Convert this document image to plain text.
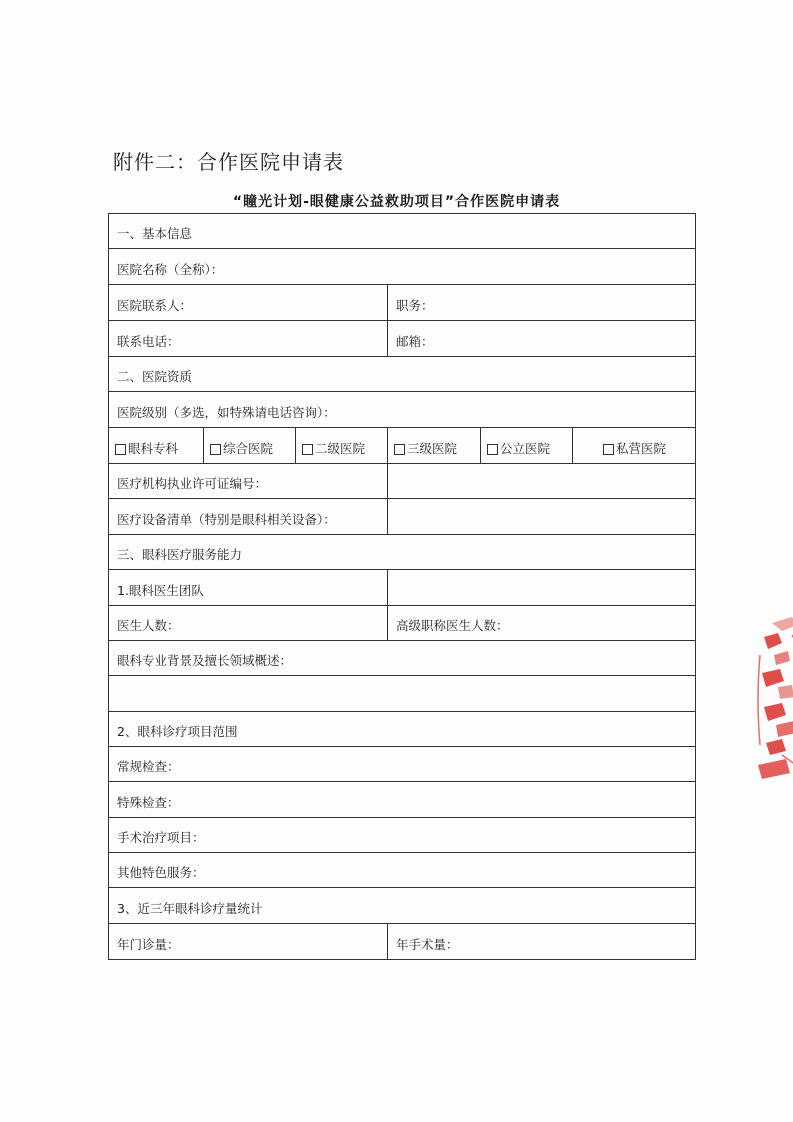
附件二：合作医院申请表
“瞳光计划-眼健康公益救助项目”合作医院申请表
一、基本信息
医院名称（全称）：
医院联系人：	职务：
联系电话：	邮箱：
二、医院资质
医院级别（多选，如特殊请电话咨询）：
眼科专科	综合医院	二级医院	三级医院	公立医院	私营医院
医疗机构执业许可证编号：
医疗设备清单（特别是眼科相关设备）：
三、眼科医疗服务能力
1.眼科医生团队
医生人数：	高级职称医生人数：
眼科专业背景及擅长领域概述：
2、眼科诊疗项目范围
常规检查：
特殊检查：
手术治疗项目：
其他特色服务：
3、近三年眼科诊疗量统计
年门诊量：	年手术量：
